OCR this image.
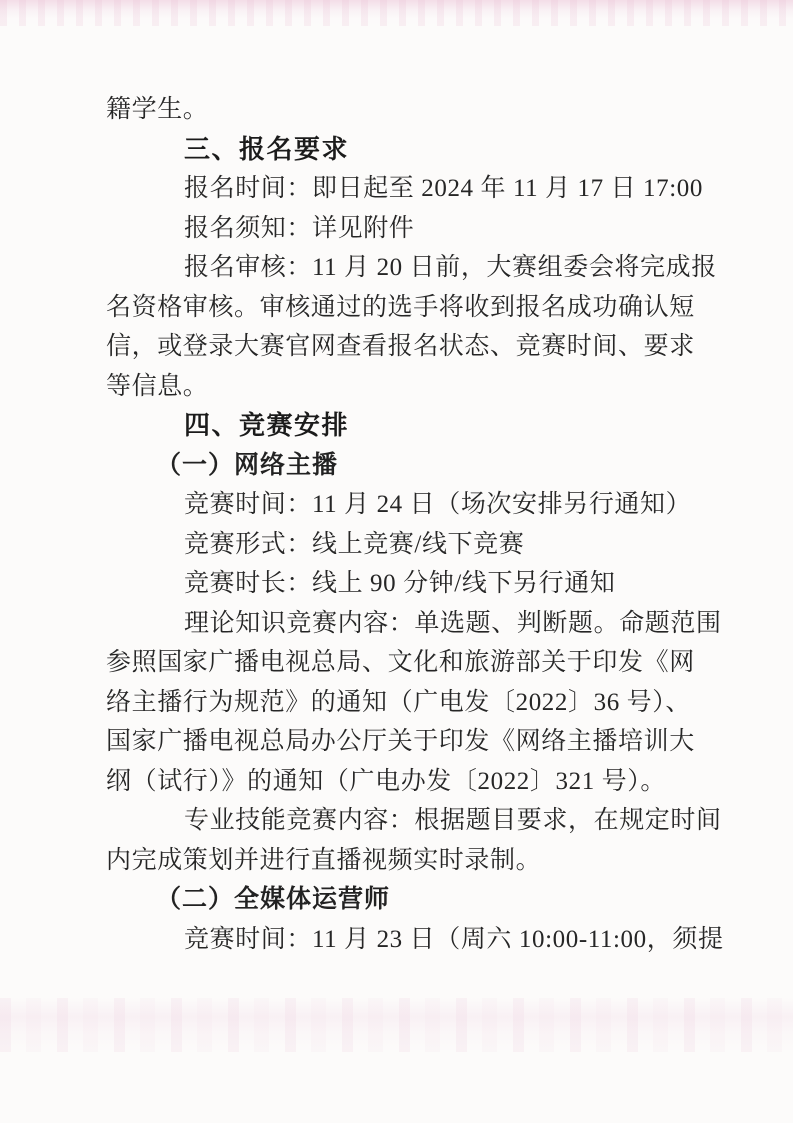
籍学生。
三、报名要求
报名时间：即日起至 2024 年 11 月 17 日 17:00
报名须知：详见附件
报名审核：11 月 20 日前，大赛组委会将完成报
名资格审核。审核通过的选手将收到报名成功确认短
信，或登录大赛官网查看报名状态、竞赛时间、要求
等信息。
四、竞赛安排
（一）网络主播
竞赛时间：11 月 24 日（场次安排另行通知）
竞赛形式：线上竞赛/线下竞赛
竞赛时长：线上 90 分钟/线下另行通知
理论知识竞赛内容：单选题、判断题。命题范围
参照国家广播电视总局、文化和旅游部关于印发《网
络主播行为规范》的通知（广电发〔2022〕36 号）、
国家广播电视总局办公厅关于印发《网络主播培训大
纲（试行）》的通知（广电办发〔2022〕321 号）。
专业技能竞赛内容：根据题目要求，在规定时间
内完成策划并进行直播视频实时录制。
（二）全媒体运营师
竞赛时间：11 月 23 日（周六 10:00-11:00，须提
